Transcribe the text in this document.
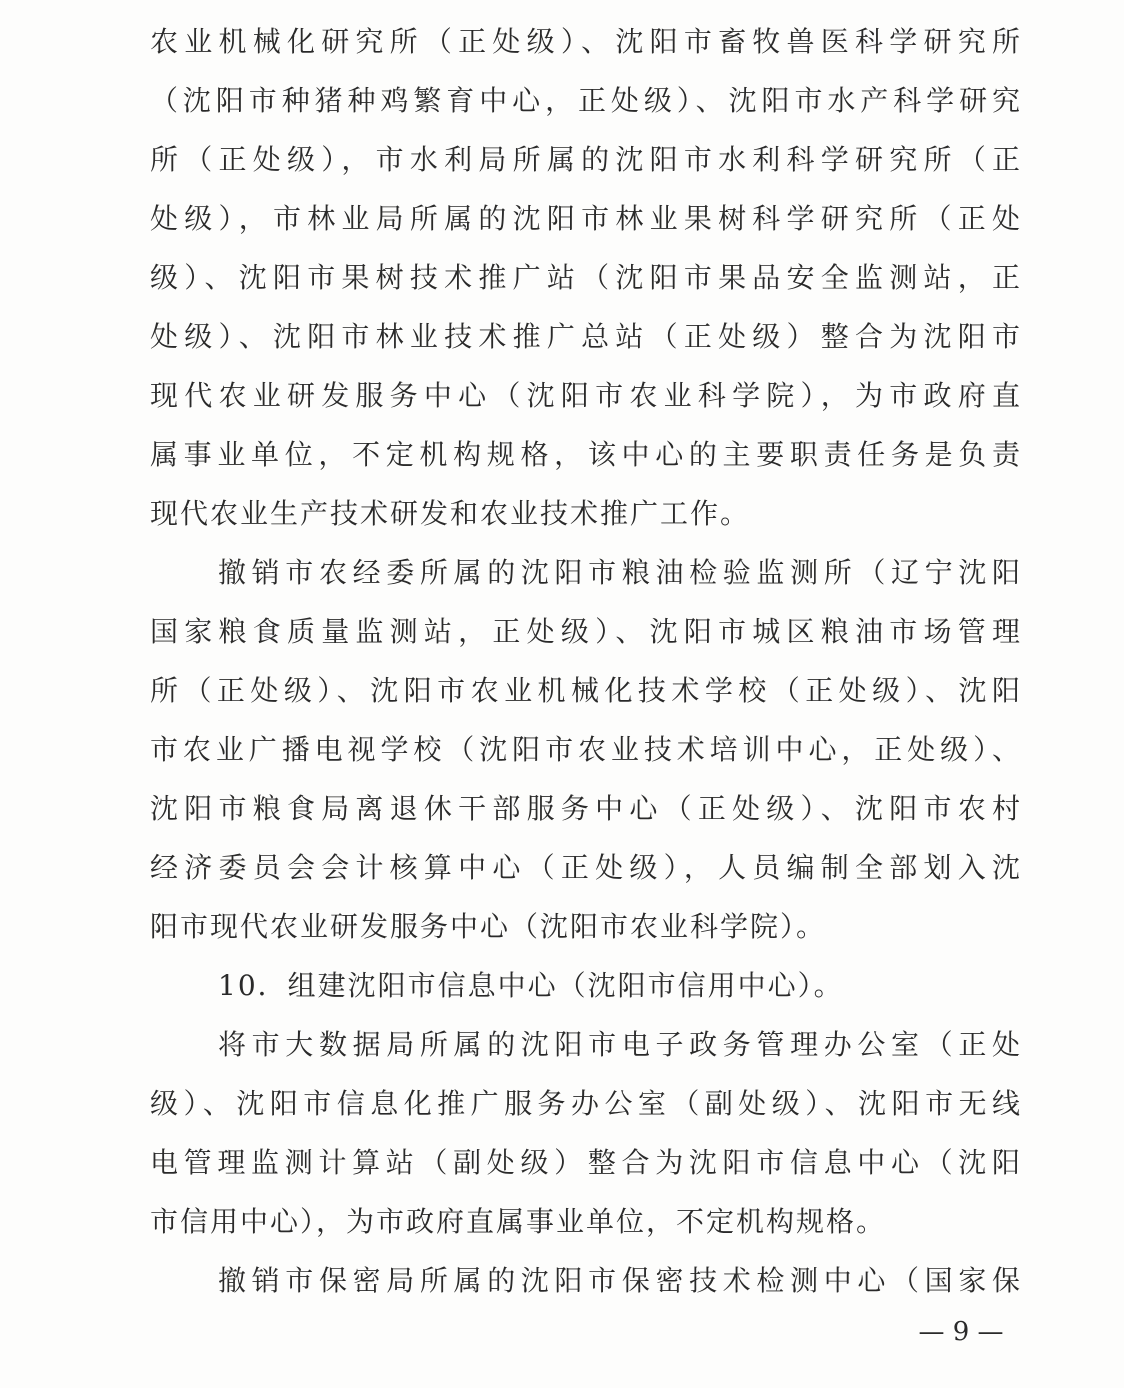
农业机械化研究所（正处级）、沈阳市畜牧兽医科学研究所
（沈阳市种猪种鸡繁育中心，正处级）、沈阳市水产科学研究
所（正处级），市水利局所属的沈阳市水利科学研究所（正
处级），市林业局所属的沈阳市林业果树科学研究所（正处
级）、沈阳市果树技术推广站（沈阳市果品安全监测站，正
处级）、沈阳市林业技术推广总站（正处级）整合为沈阳市
现代农业研发服务中心（沈阳市农业科学院），为市政府直
属事业单位，不定机构规格，该中心的主要职责任务是负责
现代农业生产技术研发和农业技术推广工作。
撤销市农经委所属的沈阳市粮油检验监测所（辽宁沈阳
国家粮食质量监测站，正处级）、沈阳市城区粮油市场管理
所（正处级）、沈阳市农业机械化技术学校（正处级）、沈阳
市农业广播电视学校（沈阳市农业技术培训中心，正处级）、
沈阳市粮食局离退休干部服务中心（正处级）、沈阳市农村
经济委员会会计核算中心（正处级），人员编制全部划入沈
阳市现代农业研发服务中心（沈阳市农业科学院）。
10．组建沈阳市信息中心（沈阳市信用中心）。
将市大数据局所属的沈阳市电子政务管理办公室（正处
级）、沈阳市信息化推广服务办公室（副处级）、沈阳市无线
电管理监测计算站（副处级）整合为沈阳市信息中心（沈阳
市信用中心），为市政府直属事业单位，不定机构规格。
撤销市保密局所属的沈阳市保密技术检测中心（国家保
— 9 —
